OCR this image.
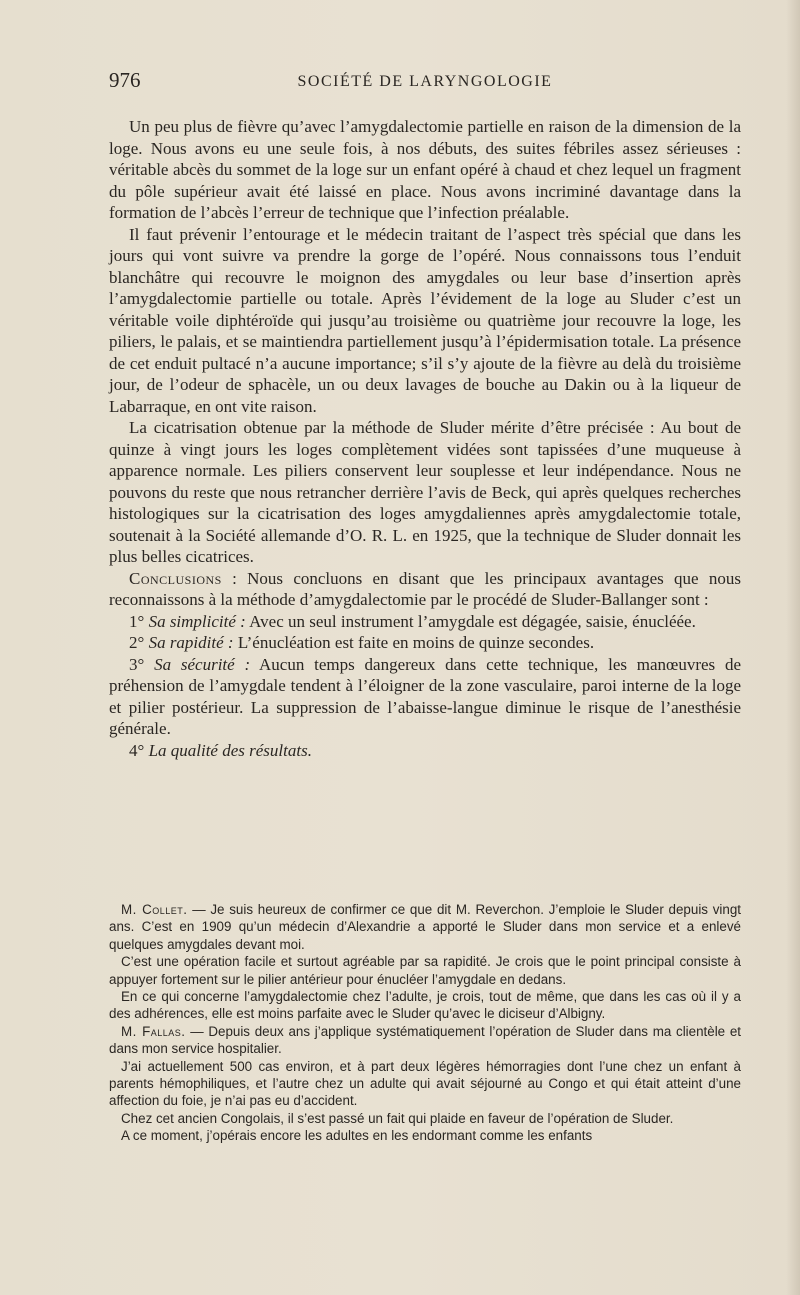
976	SOCIÉTÉ DE LARYNGOLOGIE

Un peu plus de fièvre qu’avec l’amygdalectomie partielle en raison de la dimension de la loge. Nous avons eu une seule fois, à nos débuts, des suites fébriles assez sérieuses : véritable abcès du sommet de la loge sur un enfant opéré à chaud et chez lequel un fragment du pôle supérieur avait été laissé en place. Nous avons incriminé davantage dans la formation de l’abcès l’erreur de technique que l’infection préalable.

Il faut prévenir l’entourage et le médecin traitant de l’aspect très spécial que dans les jours qui vont suivre va prendre la gorge de l’opéré. Nous connaissons tous l’enduit blanchâtre qui recouvre le moignon des amygdales ou leur base d’insertion après l’amygdalectomie partielle ou totale. Après l’évidement de la loge au Sluder c’est un véritable voile diphtéroïde qui jusqu’au troisième ou quatrième jour recouvre la loge, les piliers, le palais, et se maintiendra partiellement jusqu’à l’épidermisation totale. La présence de cet enduit pultacé n’a aucune importance; s’il s’y ajoute de la fièvre au delà du troisième jour, de l’odeur de sphacèle, un ou deux lavages de bouche au Dakin ou à la liqueur de Labarraque, en ont vite raison.

La cicatrisation obtenue par la méthode de Sluder mérite d’être précisée : Au bout de quinze à vingt jours les loges complètement vidées sont tapissées d’une muqueuse à apparence normale. Les piliers conservent leur souplesse et leur indépendance. Nous ne pouvons du reste que nous retrancher derrière l’avis de Beck, qui après quelques recherches histologiques sur la cicatrisation des loges amygdaliennes après amygdalectomie totale, soutenait à la Société allemande d’O. R. L. en 1925, que la technique de Sluder donnait les plus belles cicatrices.

Conclusions : Nous concluons en disant que les principaux avantages que nous reconnaissons à la méthode d’amygdalectomie par le procédé de Sluder-Ballanger sont :

1° Sa simplicité : Avec un seul instrument l’amygdale est dégagée, saisie, énucléée.

2° Sa rapidité : L’énucléation est faite en moins de quinze secondes.

3° Sa sécurité : Aucun temps dangereux dans cette technique, les manœuvres de préhension de l’amygdale tendent à l’éloigner de la zone vasculaire, paroi interne de la loge et pilier postérieur. La suppression de l’abaisse-langue diminue le risque de l’anesthésie générale.

4° La qualité des résultats.

M. Collet. — Je suis heureux de confirmer ce que dit M. Reverchon. J’emploie le Sluder depuis vingt ans. C’est en 1909 qu’un médecin d’Alexandrie a apporté le Sluder dans mon service et a enlevé quelques amygdales devant moi.

C’est une opération facile et surtout agréable par sa rapidité. Je crois que le point principal consiste à appuyer fortement sur le pilier antérieur pour énucléer l’amygdale en dedans.

En ce qui concerne l’amygdalectomie chez l’adulte, je crois, tout de même, que dans les cas où il y a des adhérences, elle est moins parfaite avec le Sluder qu’avec le diciseur d’Albigny.

M. Fallas. — Depuis deux ans j’applique systématiquement l’opération de Sluder dans ma clientèle et dans mon service hospitalier.

J’ai actuellement 500 cas environ, et à part deux légères hémorragies dont l’une chez un enfant à parents hémophiliques, et l’autre chez un adulte qui avait séjourné au Congo et qui était atteint d’une affection du foie, je n’ai pas eu d’accident.

Chez cet ancien Congolais, il s’est passé un fait qui plaide en faveur de l’opération de Sluder.

A ce moment, j’opérais encore les adultes en les endormant comme les enfants
